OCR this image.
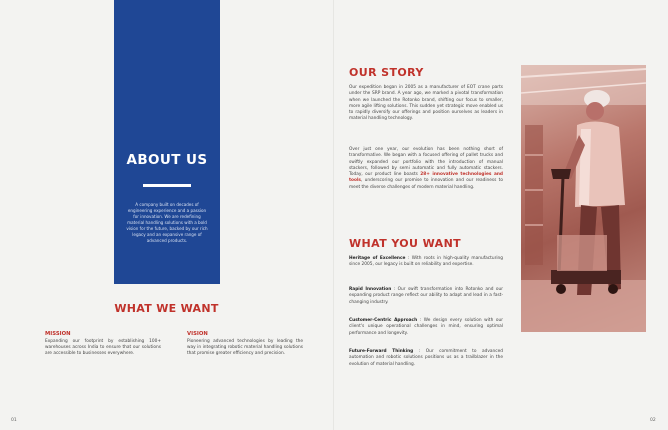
ABOUT US
A company built on decades of engineering experience and a passion for innovation. We are redefining material handling solutions with a bold vision for the future, backed by our rich legacy and an expansive range of advanced products.
WHAT WE WANT
MISSION

Expanding our footprint by establishing 100+ warehouses across India to ensure that our solutions are accessible to businesses everywhere.

VISION

Pioneering advanced technologies by leading the way in integrating robotic material handling solutions that promise greater efficiency and precision.

01
OUR STORY
Our expedition began in 2005 as a manufacturer of EOT crane parts under the SRP brand. A year ago, we marked a pivotal transformation when we launched the Rotonko brand, shifting our focus to smaller, more agile lifting solutions. This sudden yet strategic move enabled us to rapidly diversify our offerings and position ourselves as leaders in material handling technology.
Over just one year, our evolution has been nothing short of transformative. We began with a focused offering of pallet trucks and swiftly expanded our portfolio with the introduction of manual stackers, followed by semi automatic and fully automatic stackers. Today, our product line boasts 28+ innovative technologies and tools, underscoring our promise to innovation and our readiness to meet the diverse challenges of modern material handling.
WHAT YOU WANT
Heritage of Excellence : With roots in high-quality manufacturing since 2005, our legacy is built on reliability and expertise.
Rapid Innovation : Our swift transformation into Rotonko and our expanding product range reflect our ability to adapt and lead in a fast-changing industry.
Customer-Centric Approach : We design every solution with our client's unique operational challenges in mind, ensuring optimal performance and longevity.
Future-Forward Thinking : Our commitment to advanced automation and robotic solutions positions us as a trailblazer in the evolution of material handling.
02
